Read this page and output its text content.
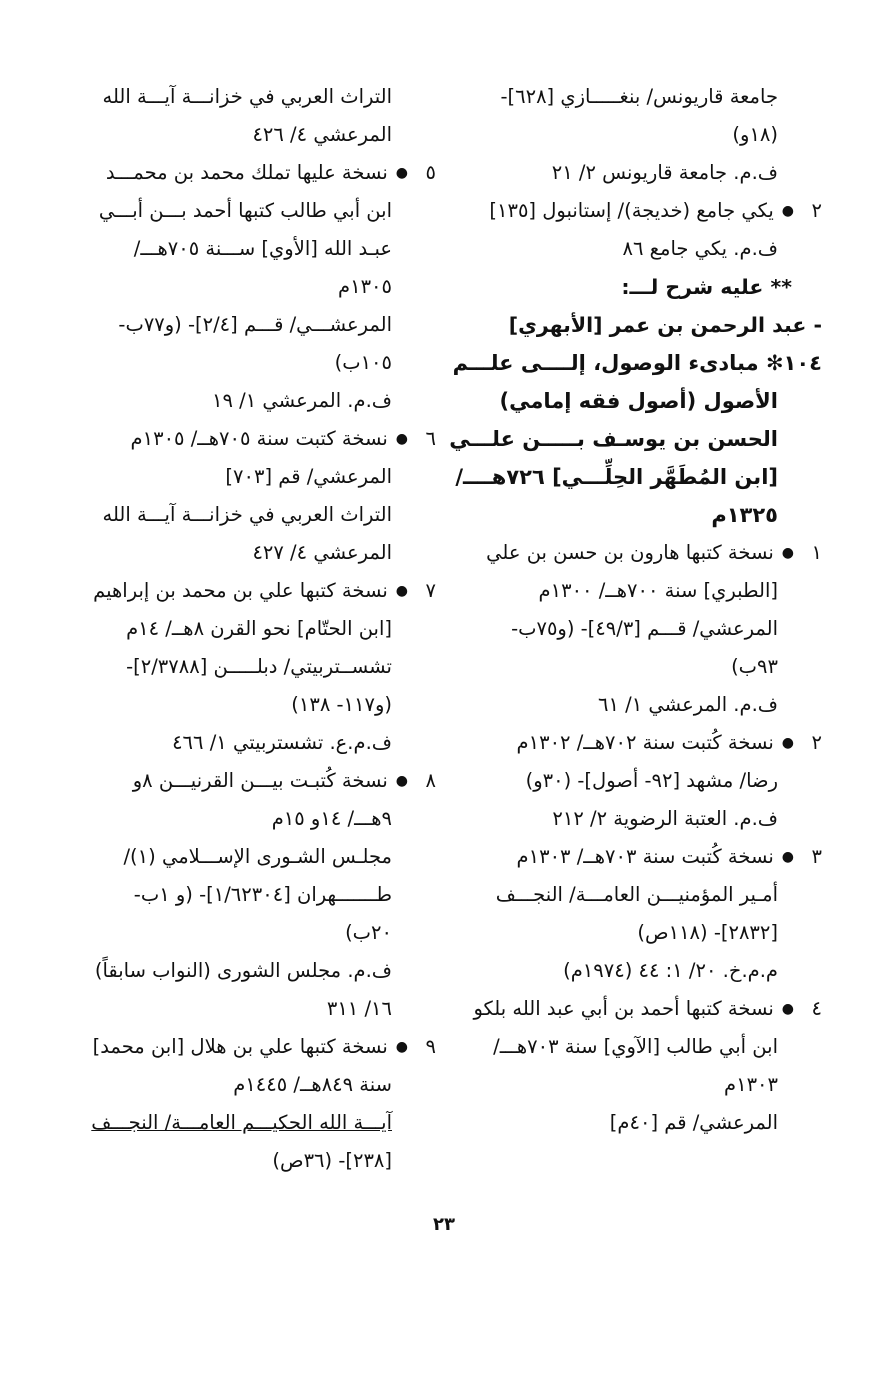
جامعة قاريونس/ بنغـــــازي [٦٢٨]-
(١٨و)
ف.م. جامعة قاريونس ٢/ ٢١
٢●يكي جامع (خديجة)/ إستانبول [١٣٥]
ف.م. يكي جامع ٨٦
** عليه شرح لـــ:
- عبد الرحمن بن عمر [الأبهري]
١٠٤✻ مبادىء الوصول، إلــــى علـــم
الأصول (أصول فقه إمامي)
الحسن بن يوسـف بـــــن علـــي
[ابن المُطَهَّر الحِلِّـــي] ٧٢٦هــــ/
١٣٢٥م
١●نسخة كتبها هارون بن حسن بن علي
[الطبري] سنة ٧٠٠هــ/ ١٣٠٠م
المرعشي/ قـــم [٤٩/٣]- (و٧٥ب-
٩٣ب)
ف.م. المرعشي ١/ ٦١
٢●نسخة كُتبت سنة ٧٠٢هــ/ ١٣٠٢م
رضا/ مشهد [٩٢- أصول]- (٣٠و)
ف.م. العتبة الرضوية ٢/ ٢١٢
٣●نسخة كُتبت سنة ٧٠٣هــ/ ١٣٠٣م
أمـير المؤمنيـــن العامـــة/ النجـــف
[٢٨٣٢]- (١١٨ص)
م.م.خ. ٢٠/ ١: ٤٤ (١٩٧٤م)
٤●نسخة كتبها أحمد بن أبي عبد الله بلكو
ابن أبي طالب [الآوي] سنة ٧٠٣هـــ/
١٣٠٣م
المرعشي/ قم [٤٠م]
التراث العربي في خزانـــة آيـــة الله
المرعشي ٤/ ٤٢٦
٥●نسخة عليها تملك محمد بن محمـــد
ابن أبي طالب كتبها أحمد بـــن أبـــي
عبـد الله [الأوي] ســـنة ٧٠٥هـــ/
١٣٠٥م
المرعشـــي/ قـــم [٢/٤]- (و٧٧ب-
١٠٥ب)
ف.م. المرعشي ١/ ١٩
٦●نسخة كتبت سنة ٧٠٥هــ/ ١٣٠٥م
المرعشي/ قم [٧٠٣]
التراث العربي في خزانـــة آيـــة الله
المرعشي ٤/ ٤٢٧
٧●نسخة كتبها علي بن محمد بن إبراهيم
[ابن الحتّام] نحو القرن ٨هــ/ ١٤م
تشســتربيتي/ دبلـــــن [٢/٣٧٨٨]-
(و١١٧- ١٣٨)
ف.م.ع. تشستربيتي ١/ ٤٦٦
٨●نسخة كُتبـت بيـــن القرنيـــن ٨و
٩هـــ/ ١٤و ١٥م
مجلـس الشـورى الإســـلامي (١)/
طـــــــهران [١/٦٢٣٠٤]- (و ١ب-
٢٠ب)
ف.م. مجلس الشورى (النواب سابقاً)
١٦/ ٣١١
٩●نسخة كتبها علي بن هلال [ابن محمد]
سنة ٨٤٩هــ/ ١٤٤٥م
آيـــة الله الحكيـــم العامـــة/ النجـــف
[٢٣٨]- (٣٦ص)
٢٣
